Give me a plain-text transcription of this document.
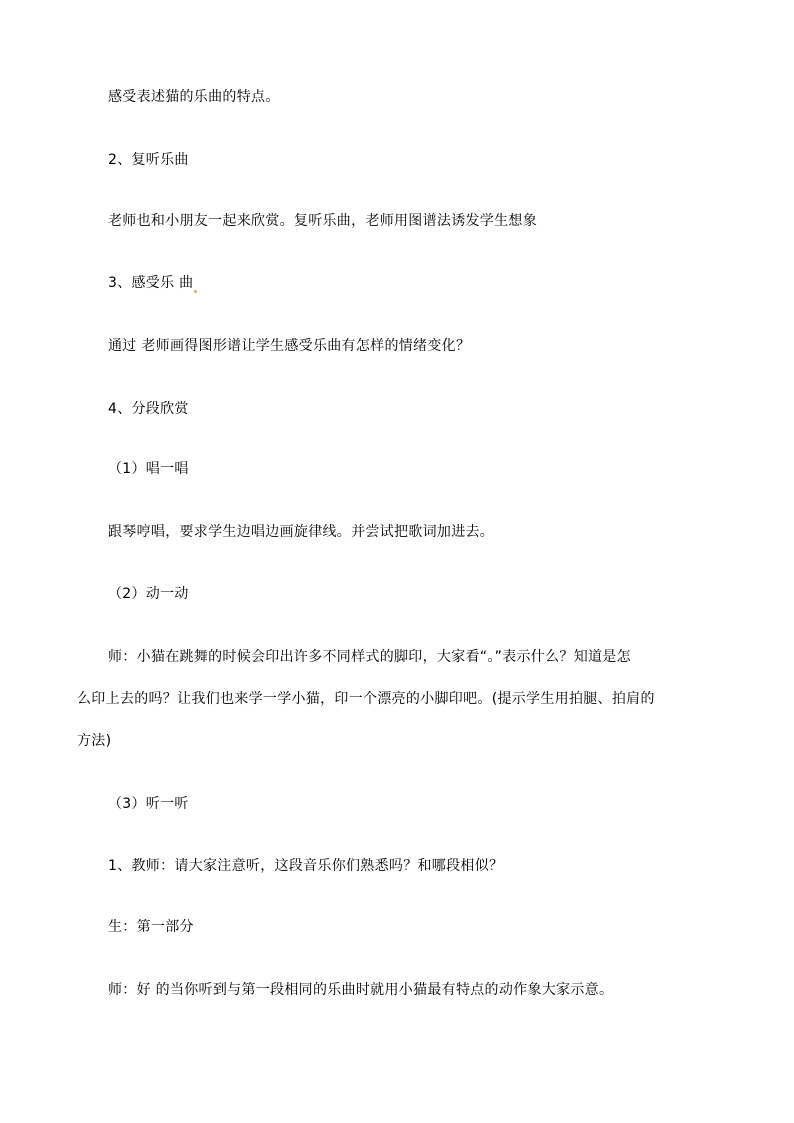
感受表述猫的乐曲的特点。
2、复听乐曲
老师也和小朋友一起来欣赏。复听乐曲，老师用图谱法诱发学生想象
3、感受乐 曲
通过 老师画得图形谱让学生感受乐曲有怎样的情绪变化？
4、分段欣赏
（1）唱一唱
跟琴哼唱，要求学生边唱边画旋律线。并尝试把歌词加进去。
（2）动一动
师：小猫在跳舞的时候会印出许多不同样式的脚印，大家看“。”表示什么？知道是怎
么印上去的吗？让我们也来学一学小猫，印一个漂亮的小脚印吧。(提示学生用拍腿、拍肩的
方法)
（3）听一听
1、教师：请大家注意听，这段音乐你们熟悉吗？和哪段相似？
生：第一部分
师：好 的当你听到与第一段相同的乐曲时就用小猫最有特点的动作象大家示意。
